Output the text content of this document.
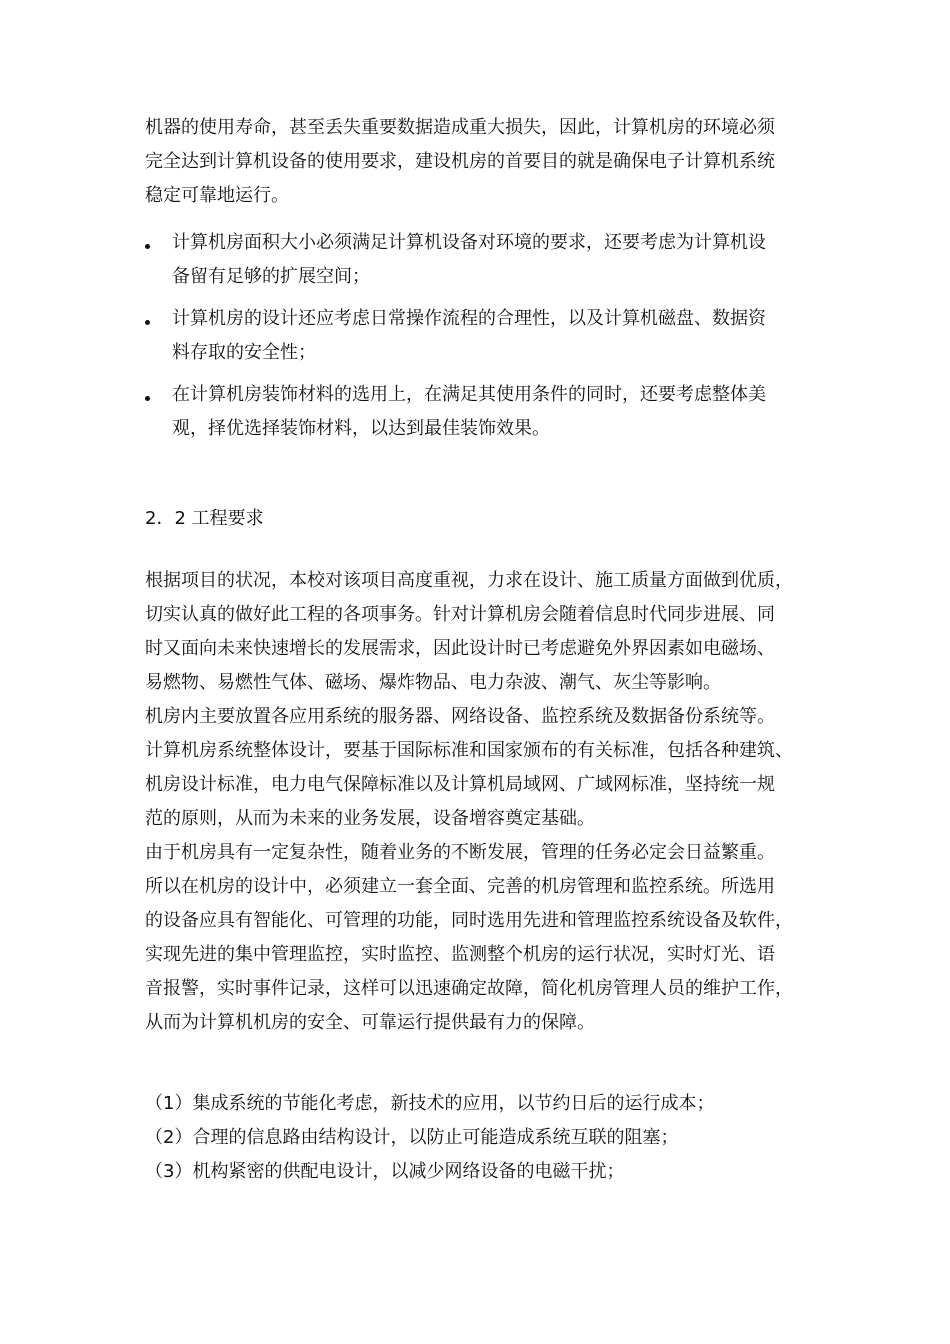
机器的使用寿命，甚至丢失重要数据造成重大损失，因此，计算机房的环境必须
完全达到计算机设备的使用要求，建设机房的首要目的就是确保电子计算机系统
稳定可靠地运行。
计算机房面积大小必须满足计算机设备对环境的要求，还要考虑为计算机设
备留有足够的扩展空间；
计算机房的设计还应考虑日常操作流程的合理性，以及计算机磁盘、数据资
料存取的安全性；
在计算机房装饰材料的选用上，在满足其使用条件的同时，还要考虑整体美
观，择优选择装饰材料，以达到最佳装饰效果。
2．2 工程要求
根据项目的状况，本校对该项目高度重视，力求在设计、施工质量方面做到优质，
切实认真的做好此工程的各项事务。针对计算机房会随着信息时代同步进展、同
时又面向未来快速增长的发展需求，因此设计时已考虑避免外界因素如电磁场、
易燃物、易燃性气体、磁场、爆炸物品、电力杂波、潮气、灰尘等影响。
机房内主要放置各应用系统的服务器、网络设备、监控系统及数据备份系统等。
计算机房系统整体设计，要基于国际标准和国家颁布的有关标准，包括各种建筑、
机房设计标准，电力电气保障标准以及计算机局域网、广域网标准，坚持统一规
范的原则，从而为未来的业务发展，设备增容奠定基础。
由于机房具有一定复杂性，随着业务的不断发展，管理的任务必定会日益繁重。
所以在机房的设计中，必须建立一套全面、完善的机房管理和监控系统。所选用
的设备应具有智能化、可管理的功能，同时选用先进和管理监控系统设备及软件，
实现先进的集中管理监控，实时监控、监测整个机房的运行状况，实时灯光、语
音报警，实时事件记录，这样可以迅速确定故障，简化机房管理人员的维护工作，
从而为计算机机房的安全、可靠运行提供最有力的保障。
（1）集成系统的节能化考虑，新技术的应用，以节约日后的运行成本；
（2）合理的信息路由结构设计，以防止可能造成系统互联的阻塞；
（3）机构紧密的供配电设计，以减少网络设备的电磁干扰；
